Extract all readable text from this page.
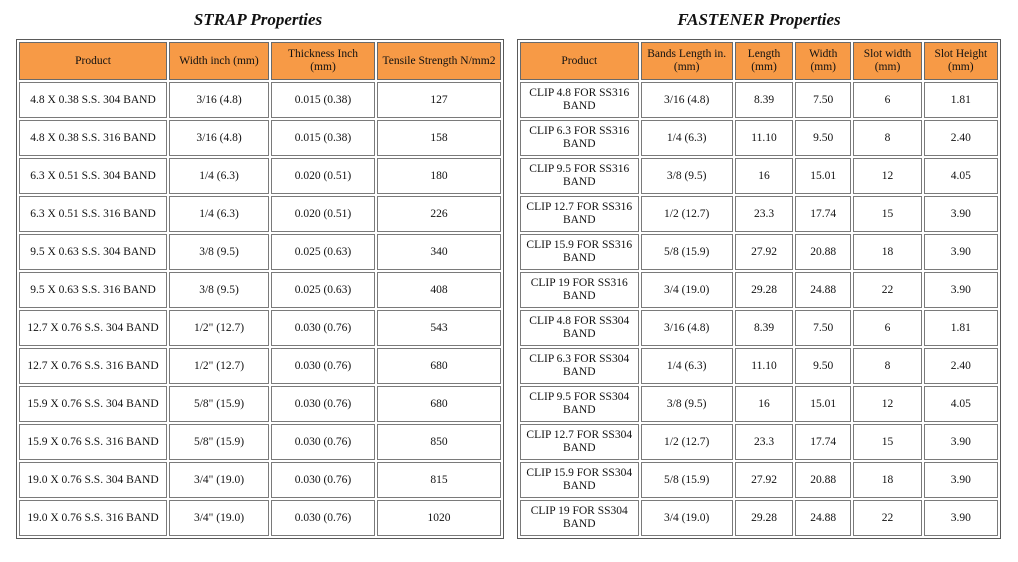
STRAP Properties
Product	Width inch (mm)	Thickness Inch (mm)	Tensile Strength N/mm2
4.8 X 0.38 S.S. 304 BAND	3/16 (4.8)	0.015 (0.38)	127
4.8 X 0.38 S.S. 316 BAND	3/16 (4.8)	0.015 (0.38)	158
6.3 X 0.51 S.S. 304 BAND	1/4 (6.3)	0.020 (0.51)	180
6.3 X 0.51 S.S. 316 BAND	1/4 (6.3)	0.020 (0.51)	226
9.5 X 0.63 S.S. 304 BAND	3/8 (9.5)	0.025 (0.63)	340
9.5 X 0.63 S.S. 316 BAND	3/8 (9.5)	0.025 (0.63)	408
12.7 X 0.76 S.S. 304 BAND	1/2" (12.7)	0.030 (0.76)	543
12.7 X 0.76 S.S. 316 BAND	1/2" (12.7)	0.030 (0.76)	680
15.9 X 0.76 S.S. 304 BAND	5/8" (15.9)	0.030 (0.76)	680
15.9 X 0.76 S.S. 316 BAND	5/8" (15.9)	0.030 (0.76)	850
19.0 X 0.76 S.S. 304 BAND	3/4" (19.0)	0.030 (0.76)	815
19.0 X 0.76 S.S. 316 BAND	3/4" (19.0)	0.030 (0.76)	1020
FASTENER Properties
Product	Bands Length in. (mm)	Length (mm)	Width (mm)	Slot width (mm)	Slot Height (mm)
CLIP 4.8 FOR SS316 BAND	3/16 (4.8)	8.39	7.50	6	1.81
CLIP 6.3 FOR SS316 BAND	1/4 (6.3)	11.10	9.50	8	2.40
CLIP 9.5 FOR SS316 BAND	3/8 (9.5)	16	15.01	12	4.05
CLIP 12.7 FOR SS316 BAND	1/2 (12.7)	23.3	17.74	15	3.90
CLIP 15.9 FOR SS316 BAND	5/8 (15.9)	27.92	20.88	18	3.90
CLIP 19 FOR SS316 BAND	3/4 (19.0)	29.28	24.88	22	3.90
CLIP 4.8 FOR SS304 BAND	3/16 (4.8)	8.39	7.50	6	1.81
CLIP 6.3 FOR SS304 BAND	1/4 (6.3)	11.10	9.50	8	2.40
CLIP 9.5 FOR SS304 BAND	3/8 (9.5)	16	15.01	12	4.05
CLIP 12.7 FOR SS304 BAND	1/2 (12.7)	23.3	17.74	15	3.90
CLIP 15.9 FOR SS304 BAND	5/8 (15.9)	27.92	20.88	18	3.90
CLIP 19 FOR SS304 BAND	3/4 (19.0)	29.28	24.88	22	3.90
